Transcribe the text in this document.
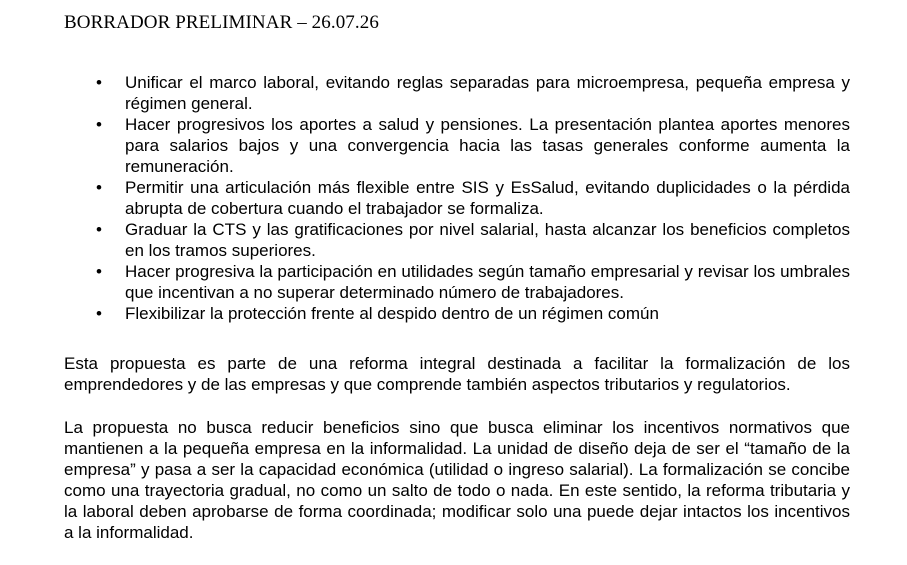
BORRADOR PRELIMINAR – 26.07.26
• Unificar el marco laboral, evitando reglas separadas para microempresa, pequeña empresa y régimen general.
• Hacer progresivos los aportes a salud y pensiones. La presentación plantea aportes menores para salarios bajos y una convergencia hacia las tasas generales conforme aumenta la remuneración.
• Permitir una articulación más flexible entre SIS y EsSalud, evitando duplicidades o la pérdida abrupta de cobertura cuando el trabajador se formaliza.
• Graduar la CTS y las gratificaciones por nivel salarial, hasta alcanzar los beneficios completos en los tramos superiores.
• Hacer progresiva la participación en utilidades según tamaño empresarial y revisar los umbrales que incentivan a no superar determinado número de trabajadores.
• Flexibilizar la protección frente al despido dentro de un régimen común

Esta propuesta es parte de una reforma integral destinada a facilitar la formalización de los emprendedores y de las empresas y que comprende también aspectos tributarios y regulatorios.

La propuesta no busca reducir beneficios sino que busca eliminar los incentivos normativos que mantienen a la pequeña empresa en la informalidad. La unidad de diseño deja de ser el “tamaño de la empresa” y pasa a ser la capacidad económica (utilidad o ingreso salarial). La formalización se concibe como una trayectoria gradual, no como un salto de todo o nada. En este sentido, la reforma tributaria y la laboral deben aprobarse de forma coordinada; modificar solo una puede dejar intactos los incentivos a la informalidad.
